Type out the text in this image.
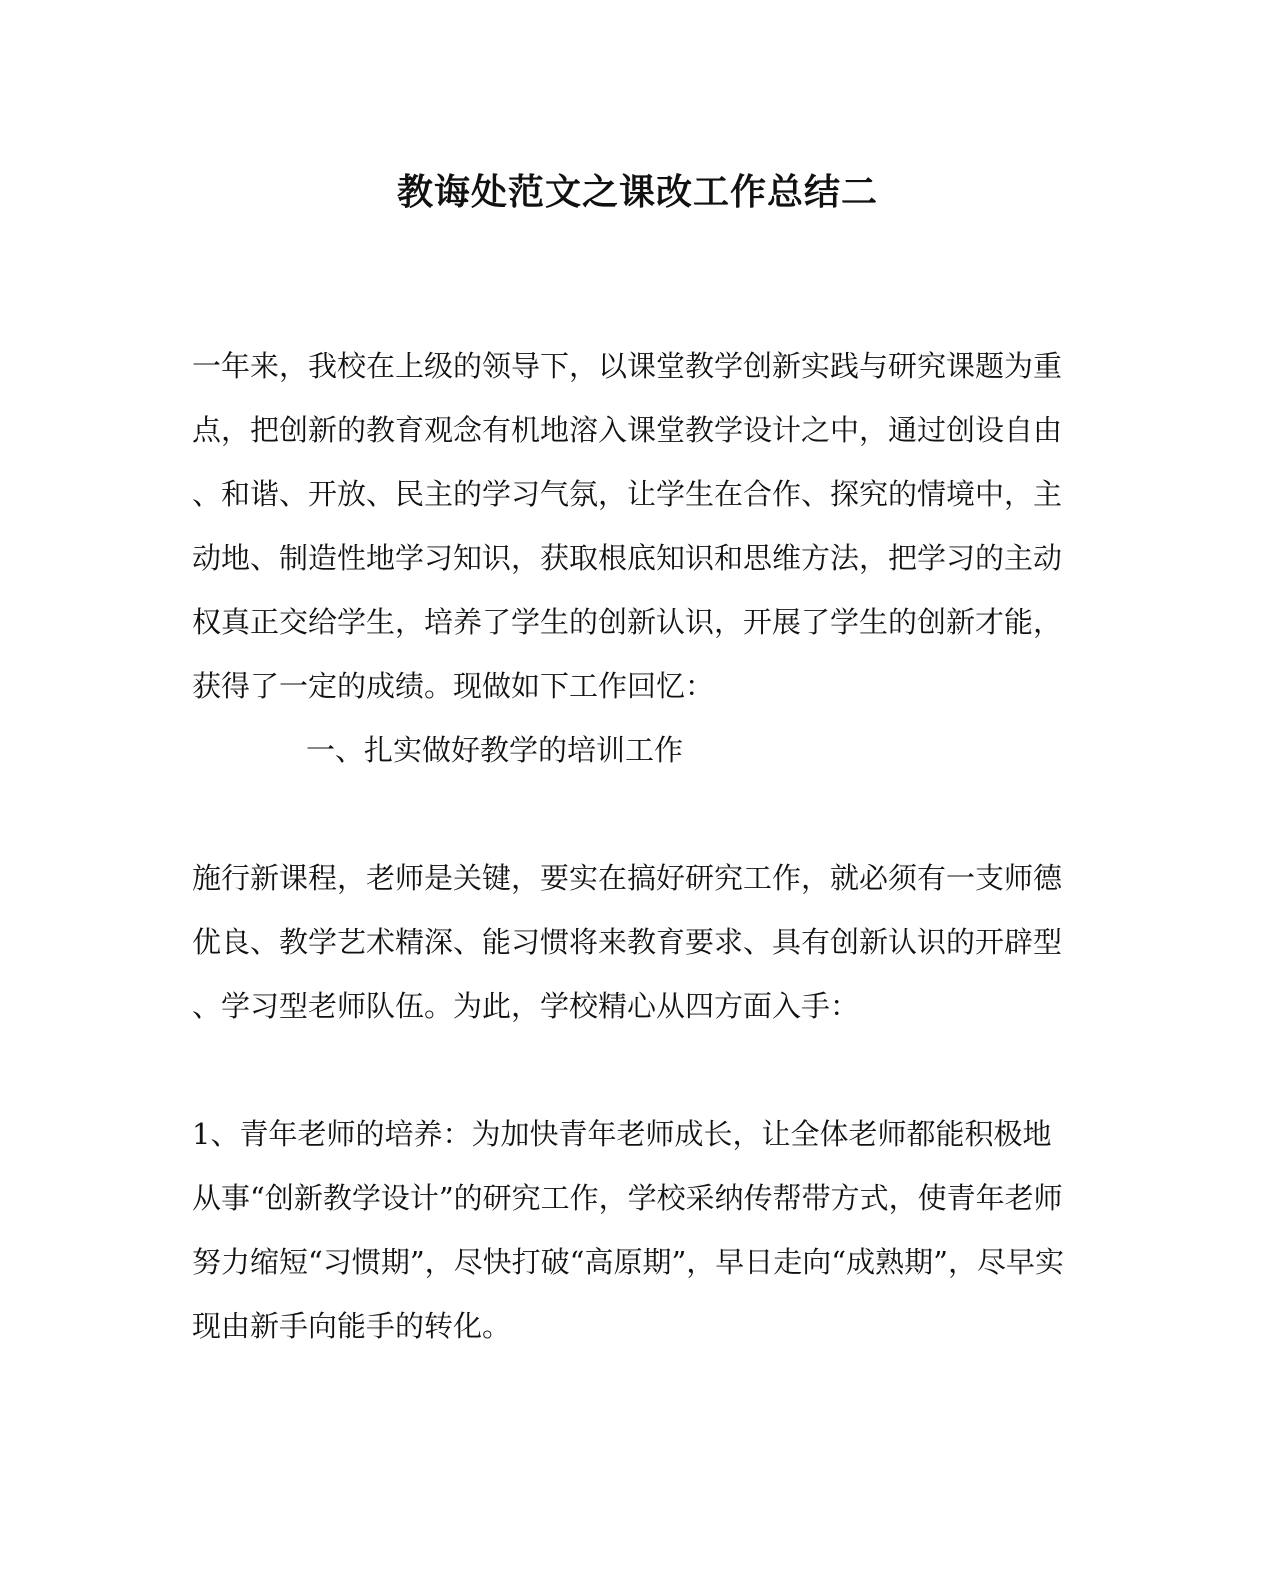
教诲处范文之课改工作总结二
一年来，我校在上级的领导下，以课堂教学创新实践与研究课题为重
点，把创新的教育观念有机地溶入课堂教学设计之中，通过创设自由
、和谐、开放、民主的学习气氛，让学生在合作、探究的情境中，主
动地、制造性地学习知识，获取根底知识和思维方法，把学习的主动
权真正交给学生，培养了学生的创新认识，开展了学生的创新才能，
获得了一定的成绩。现做如下工作回忆：
一、扎实做好教学的培训工作
施行新课程，老师是关键，要实在搞好研究工作，就必须有一支师德
优良、教学艺术精深、能习惯将来教育要求、具有创新认识的开辟型
、学习型老师队伍。为此，学校精心从四方面入手：
1、青年老师的培养：为加快青年老师成长，让全体老师都能积极地
从事“创新教学设计”的研究工作，学校采纳传帮带方式，使青年老师
努力缩短“习惯期”，尽快打破“高原期”，早日走向“成熟期”，尽早实
现由新手向能手的转化。
